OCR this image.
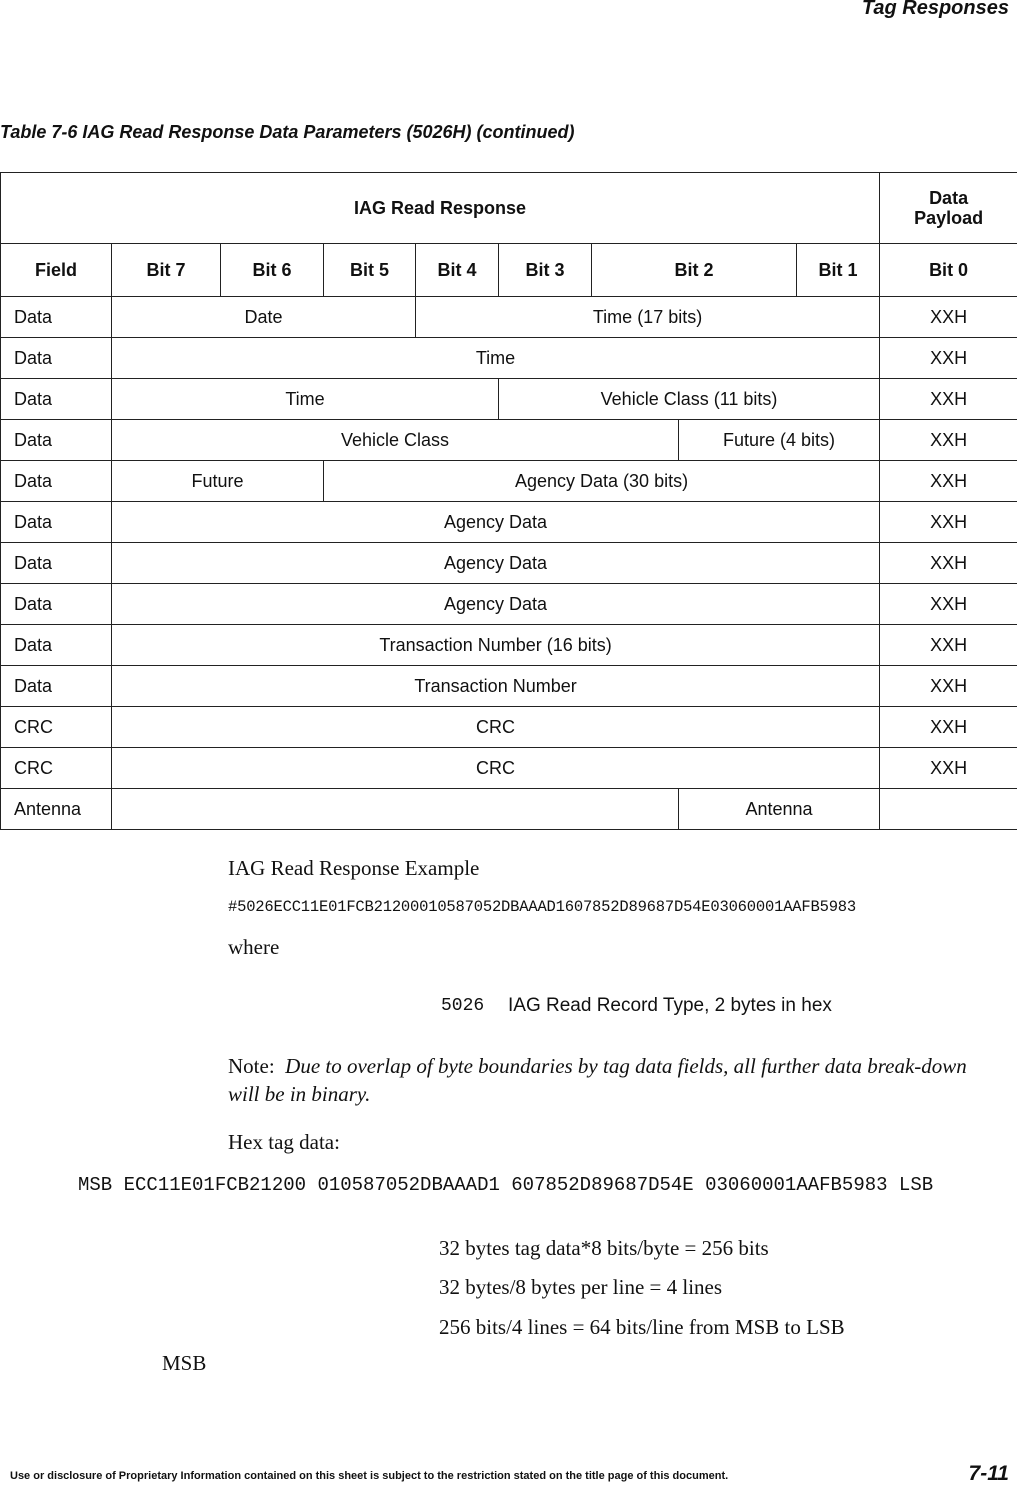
Tag Responses
Table 7-6 IAG Read Response Data Parameters (5026H) (continued)
IAG Read Response									Data
Payload

Field	Bit 7	Bit 6	Bit 5	Bit 4	Bit 3	Bit 2		Bit 1	Bit 0
Data	Date			Time (17 bits)					XXH
Data	Time								XXH
Data	Time				Vehicle Class (11 bits)				XXH
Data	Vehicle Class						Future (4 bits)		XXH
Data	Future		Agency Data (30 bits)						XXH
Data	Agency Data								XXH
Data	Agency Data								XXH
Data	Agency Data								XXH
Data	Transaction Number (16 bits)								XXH
Data	Transaction Number								XXH
CRC	CRC								XXH
CRC	CRC								XXH
Antenna							Antenna		
IAG Read Response Example
#5026ECC11E01FCB21200010587052DBAAAD1607852D89687D54E03060001AAFB5983
where
5026 IAG Read Record Type, 2 bytes in hex
Note: Due to overlap of byte boundaries by tag data fields, all further data break-down will be in binary.
Hex tag data:
MSB ECC11E01FCB21200 010587052DBAAAD1 607852D89687D54E 03060001AAFB5983 LSB
32 bytes tag data*8 bits/byte = 256 bits
32 bytes/8 bytes per line = 4 lines
256 bits/4 lines = 64 bits/line from MSB to LSB
MSB
Use or disclosure of Proprietary Information contained on this sheet is subject to the restriction stated on the title page of this document.	7-11
